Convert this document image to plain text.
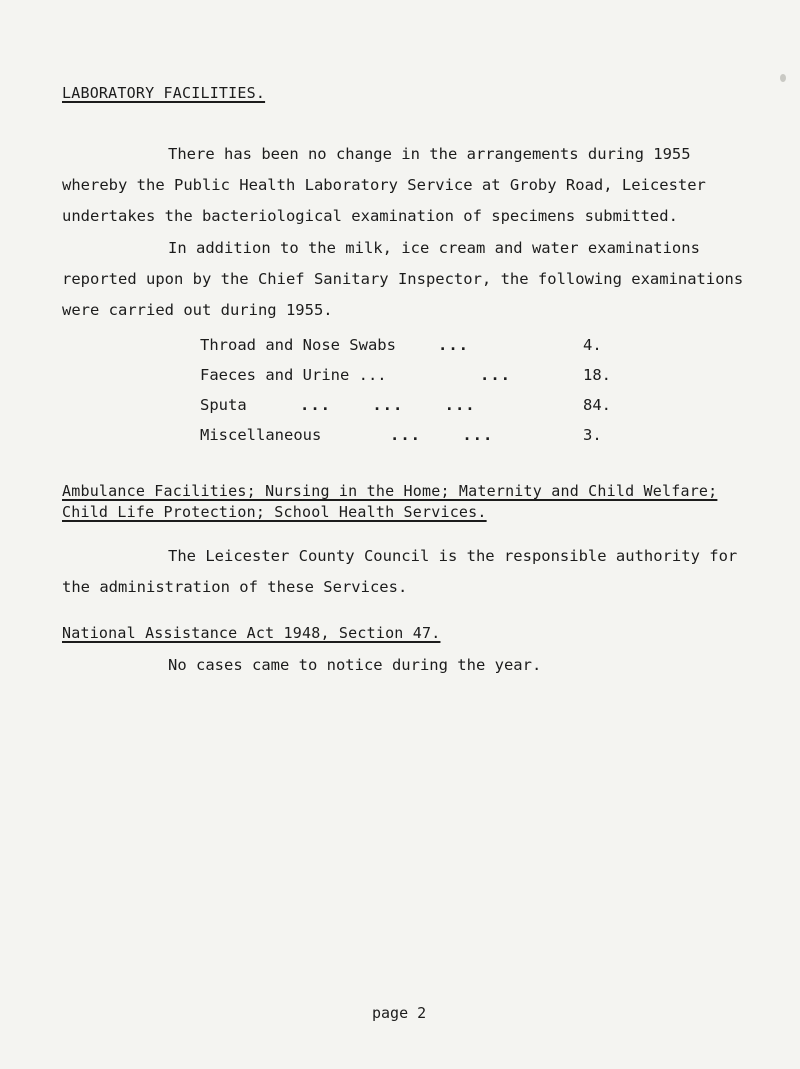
LABORATORY FACILITIES.

There has been no change in the arrangements during 1955 whereby the Public Health Laboratory Service at Groby Road, Leicester undertakes the bacteriological examination of specimens submitted.

In addition to the milk, ice cream and water examinations reported upon by the Chief Sanitary Inspector, the following examinations were carried out during 1955.

Throad and Nose Swabs	...	4.
Faeces and Urine ...	...	18.
Sputa	...    ...    ...	84.
Miscellaneous	...    ...	3.
Ambulance Facilities; Nursing in the Home; Maternity and Child Welfare;
Child Life Protection; School Health Services.

The Leicester County Council is the responsible authority for the administration of these Services.

National Assistance Act 1948, Section 47.

No cases came to notice during the year.

page 2
